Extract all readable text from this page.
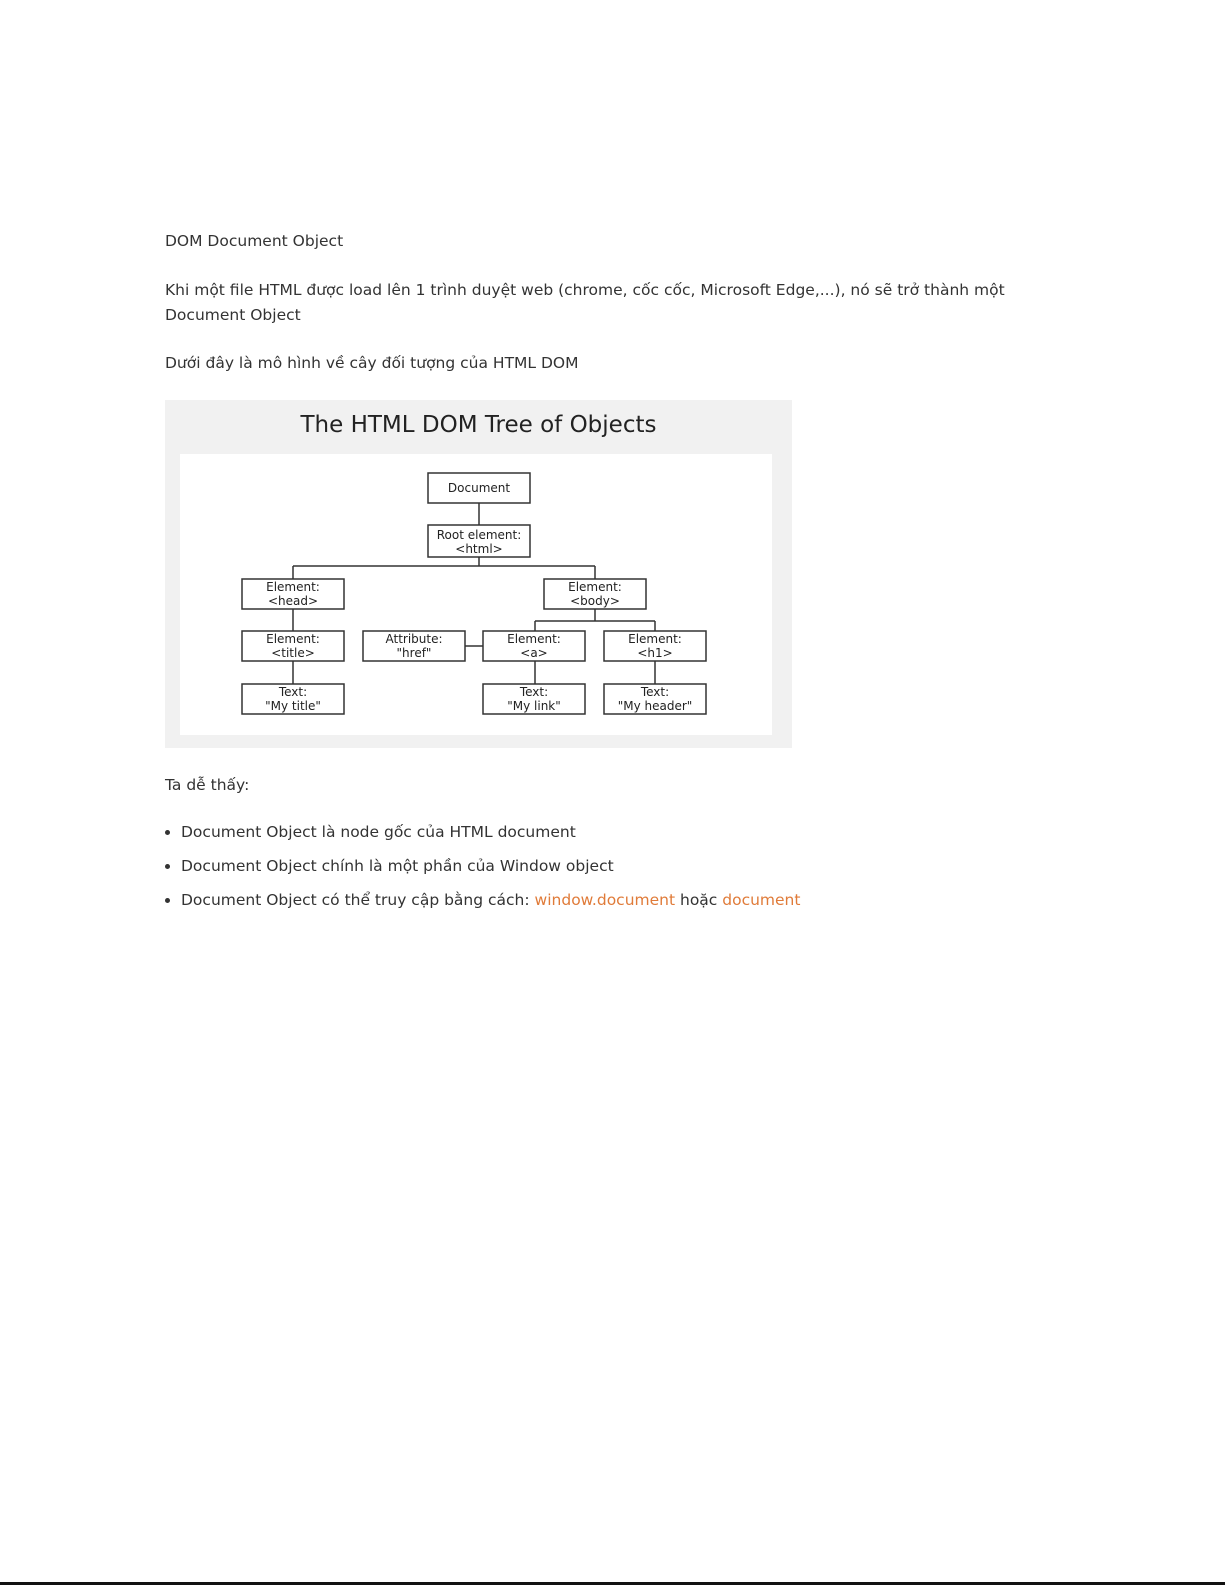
DOM Document Object

Khi một file HTML được load lên 1 trình duyệt web (chrome, cốc cốc, Microsoft Edge,...), nó sẽ trở thành một Document Object

Dưới đây là mô hình về cây đối tượng của HTML DOM

The HTML DOM Tree of Objects
Document
Root element:
<html>
Element:
<head>
Element:
<body>
Element:
<title>
Attribute:
"href"
Element:
<a>
Element:
<h1>
Text:
"My title"
Text:
"My link"
Text:
"My header"

Ta dễ thấy:

Document Object là node gốc của HTML document
Document Object chính là một phần của Window object
Document Object có thể truy cập bằng cách: window.document hoặc document
